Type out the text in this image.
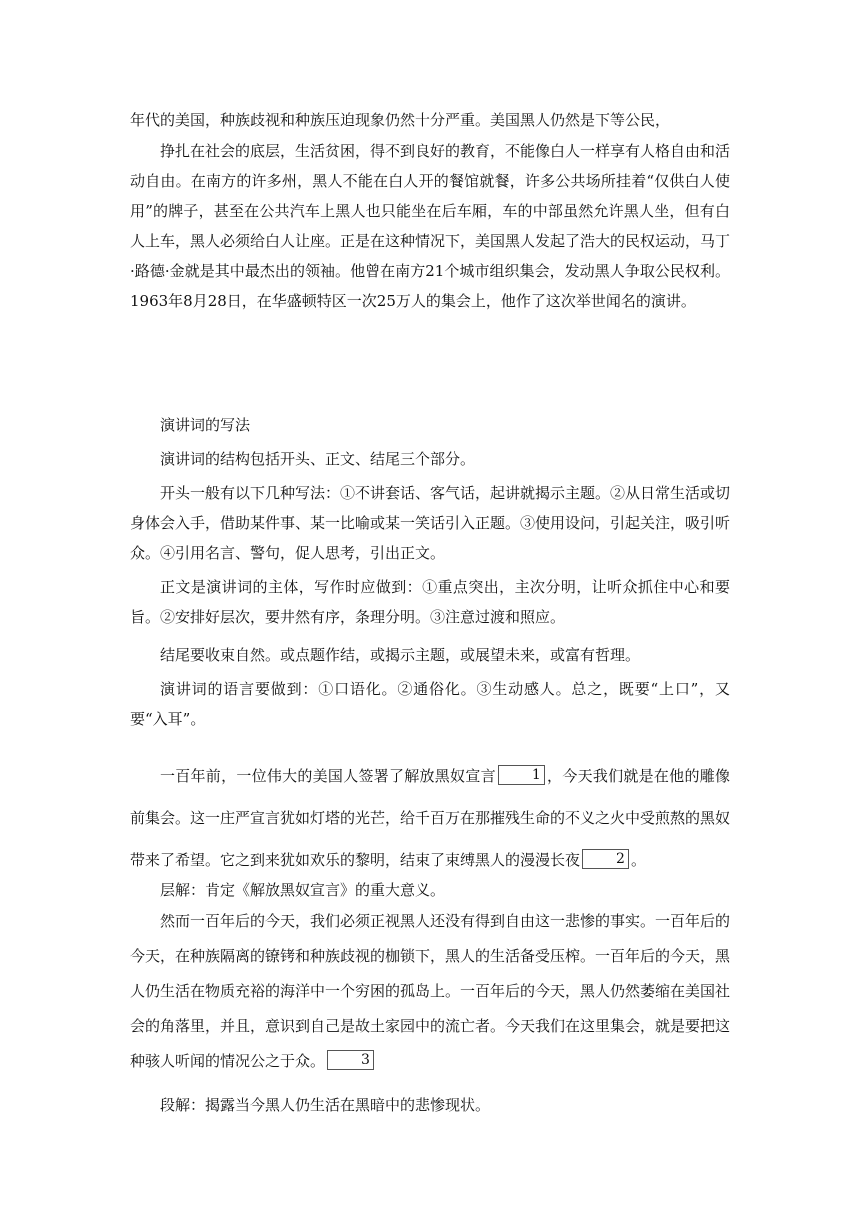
年代的美国，种族歧视和种族压迫现象仍然十分严重。美国黑人仍然是下等公民，

挣扎在社会的底层，生活贫困，得不到良好的教育，不能像白人一样享有人格自由和活动自由。在南方的许多州，黑人不能在白人开的餐馆就餐，许多公共场所挂着“仅供白人使用”的牌子，甚至在公共汽车上黑人也只能坐在后车厢，车的中部虽然允许黑人坐，但有白人上车，黑人必须给白人让座。正是在这种情况下，美国黑人发起了浩大的民权运动，马丁·路德·金就是其中最杰出的领袖。他曾在南方21个城市组织集会，发动黑人争取公民权利。1963年8月28日，在华盛顿特区一次25万人的集会上，他作了这次举世闻名的演讲。

演讲词的写法

演讲词的结构包括开头、正文、结尾三个部分。

开头一般有以下几种写法：①不讲套话、客气话，起讲就揭示主题。②从日常生活或切身体会入手，借助某件事、某一比喻或某一笑话引入正题。③使用设问，引起关注，吸引听众。④引用名言、警句，促人思考，引出正文。

正文是演讲词的主体，写作时应做到：①重点突出，主次分明，让听众抓住中心和要旨。②安排好层次，要井然有序，条理分明。③注意过渡和照应。

结尾要收束自然。或点题作结，或揭示主题，或展望未来，或富有哲理。

演讲词的语言要做到：①口语化。②通俗化。③生动感人。总之，既要“上口”，又要“入耳”。

一百年前，一位伟大的美国人签署了解放黑奴宣言	1 ，今天我们就是在他的雕像前集会。这一庄严宣言犹如灯塔的光芒，给千百万在那摧残生命的不义之火中受煎熬的黑奴带来了希望。它之到来犹如欢乐的黎明，结束了束缚黑人的漫漫长夜	2 。

层解：肯定《解放黑奴宣言》的重大意义。

然而一百年后的今天，我们必须正视黑人还没有得到自由这一悲惨的事实。一百年后的今天，在种族隔离的镣铐和种族歧视的枷锁下，黑人的生活备受压榨。一百年后的今天，黑人仍生活在物质充裕的海洋中一个穷困的孤岛上。一百年后的今天，黑人仍然萎缩在美国社会的角落里，并且，意识到自己是故土家园中的流亡者。今天我们在这里集会，就是要把这种骇人听闻的情况公之于众。	3

段解：揭露当今黑人仍生活在黑暗中的悲惨现状。
